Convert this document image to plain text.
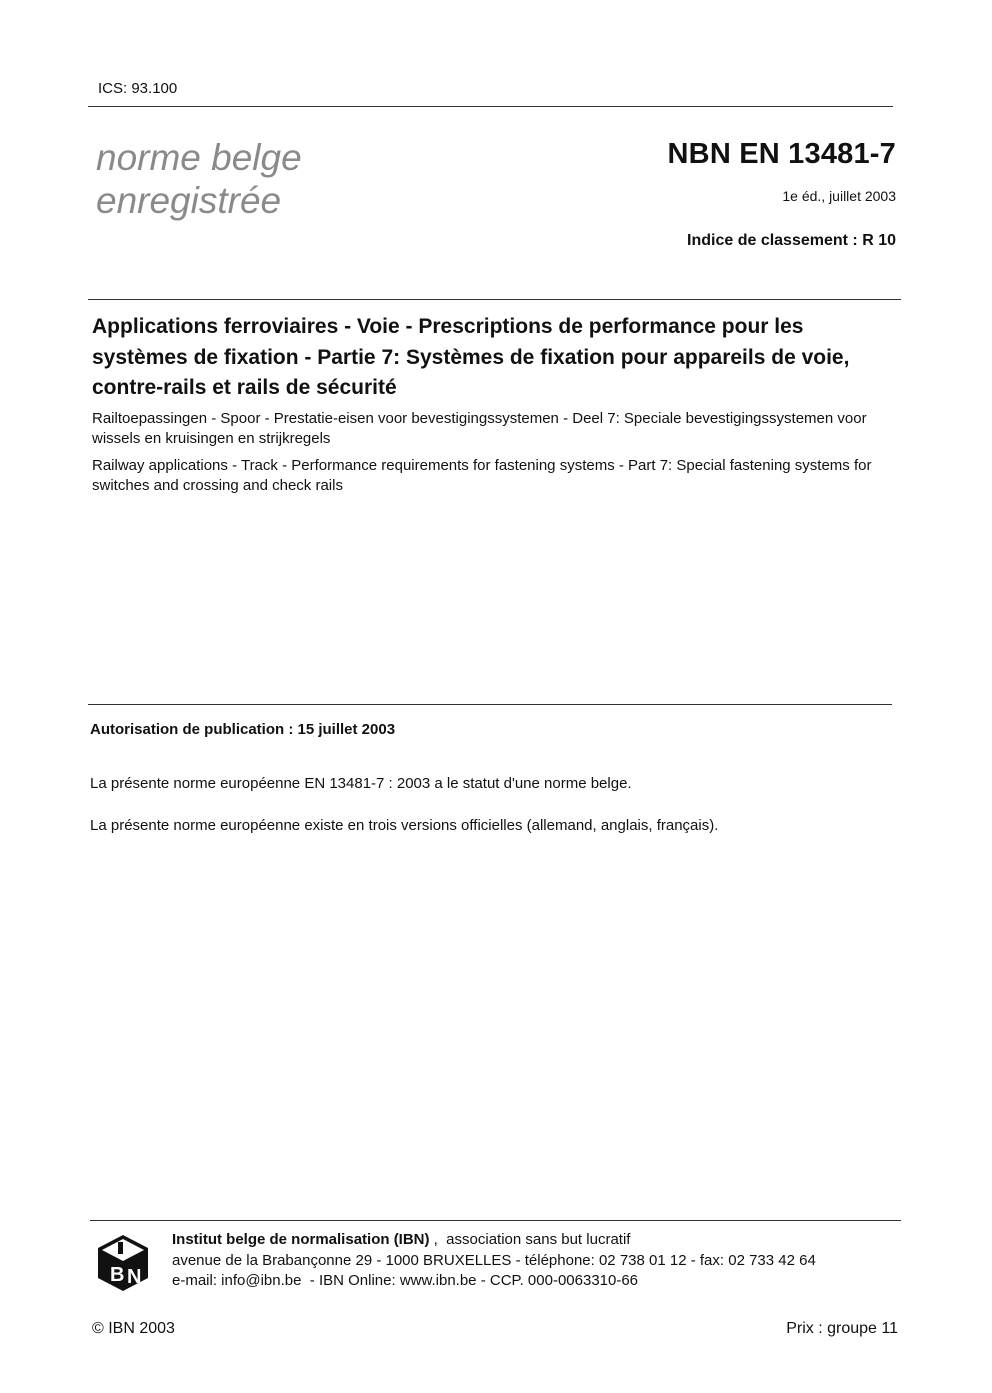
ICS: 93.100
norme belge
enregistrée
NBN EN 13481-7
1e éd., juillet 2003
Indice de classement : R 10
Applications ferroviaires - Voie - Prescriptions de performance pour les systèmes de fixation - Partie 7: Systèmes de fixation pour appareils de voie, contre-rails et rails de sécurité
Railtoepassingen - Spoor - Prestatie-eisen voor bevestigingssystemen - Deel 7: Speciale bevestigingssystemen voor wissels en kruisingen en strijkregels
Railway applications - Track - Performance requirements for fastening systems - Part 7: Special fastening systems for switches and crossing and check rails
Autorisation de publication : 15 juillet 2003
La présente norme européenne EN 13481-7 : 2003 a le statut d'une norme belge.
La présente norme européenne existe en trois versions officielles (allemand, anglais, français).
B N
Institut belge de normalisation (IBN) ,  association sans but lucratif
avenue de la Brabançonne 29 - 1000 BRUXELLES - téléphone: 02 738 01 12 - fax: 02 733 42 64
e-mail: info@ibn.be  - IBN Online: www.ibn.be - CCP. 000-0063310-66
© IBN 2003	Prix : groupe 11
